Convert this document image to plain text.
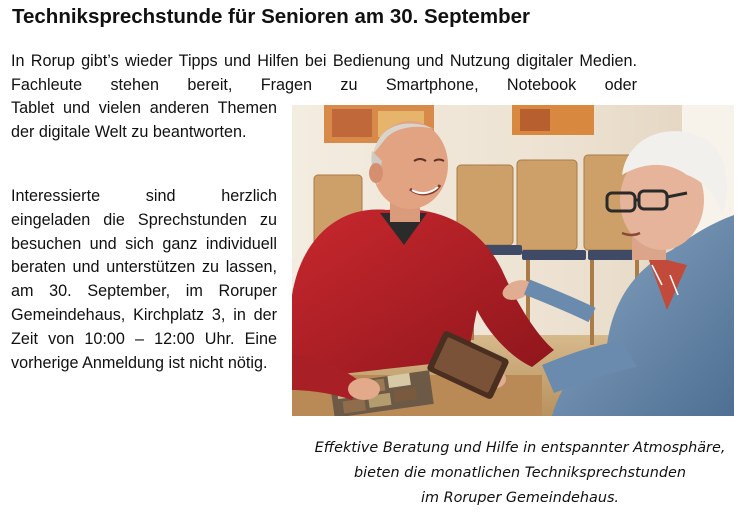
Techniksprechstunde für Senioren am 30. September

In Rorup gibt’s wieder Tipps und Hilfen bei Bedienung und Nutzung digitaler Medien. Fachleute stehen bereit, Fragen zu Smartphone, Notebook oder

Tablet und vielen anderen Themen der digitale Welt zu beantworten.

Interessierte sind herzlich eingeladen die Sprechstunden zu besuchen und sich ganz individuell beraten und unterstützen zu lassen, am 30. September, im Roruper Gemeindehaus, Kirchplatz 3, in der Zeit von 10:00 – 12:00 Uhr. Eine vorherige Anmeldung ist nicht nötig.

Effektive Beratung und Hilfe in entspannter Atmosphäre,
bieten die monatlichen Techniksprechstunden
im Roruper Gemeindehaus.
